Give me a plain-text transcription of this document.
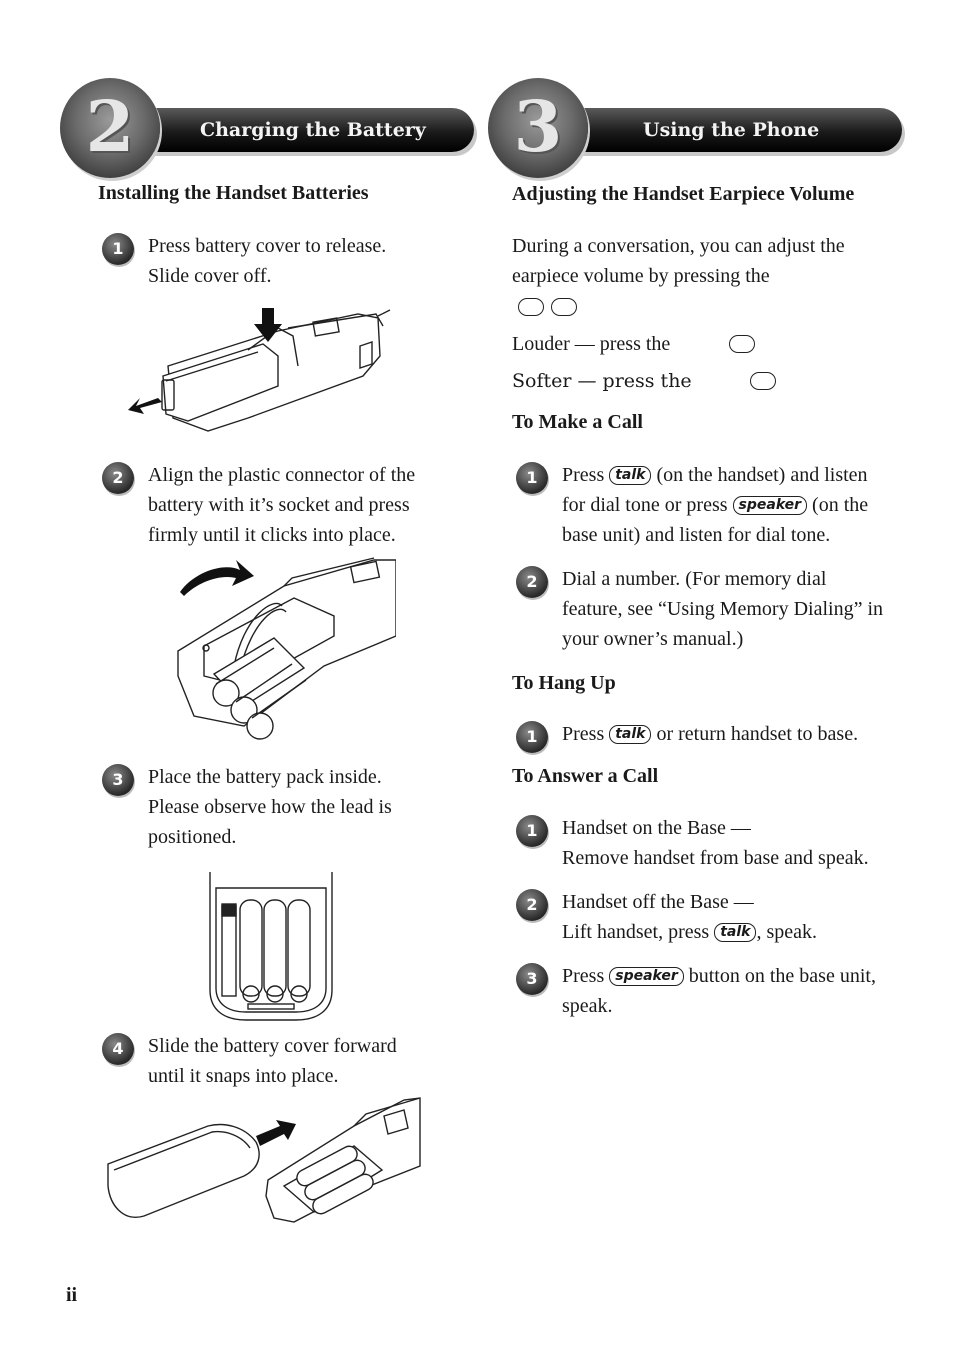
2	Charging the Battery	3	Using the Phone
Installing the Handset Batteries
1	Press battery cover to release.
Slide cover off.
2	Align the plastic connector of the
battery with it’s socket and press
firmly until it clicks into place.
3	Place the battery pack inside.
Please observe how the lead is
positioned.
4	Slide the battery cover forward
until it snaps into place.
Adjusting the Handset Earpiece Volume
During a conversation, you can adjust the
earpiece volume by pressing the
Louder — press the
Softer — press the
To Make a Call
1	Press talk (on the handset) and listen
for dial tone or press speaker (on the
base unit) and listen for dial tone.
2	Dial a number. (For memory dial
feature, see “Using Memory Dialing” in
your owner’s manual.)
To Hang Up
1	Press talk or return handset to base.
To Answer a Call
1	Handset on the Base —
Remove handset from base and speak.
2	Handset off the Base —
Lift handset, press talk , speak.
3	Press speaker button on the base unit,
speak.
ii
